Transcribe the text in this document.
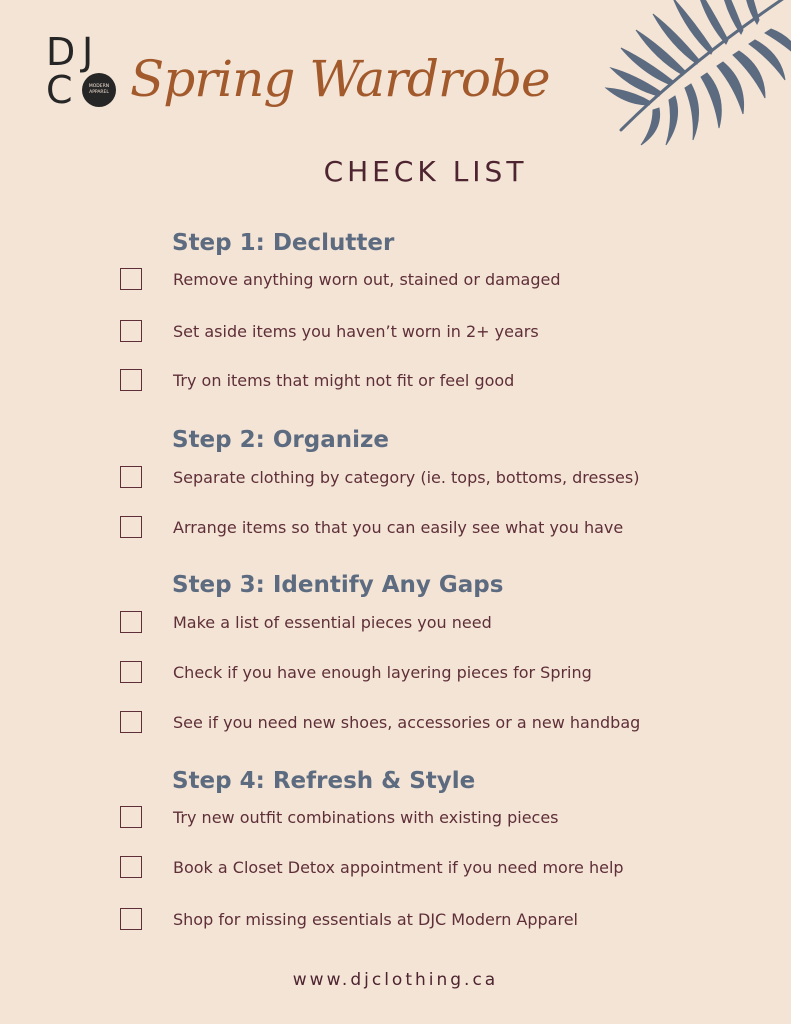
D J
C	MODERN
APPAREL Spring Wardrobe
CHECK LIST
Step 1: Declutter
Remove anything worn out, stained or damaged
Set aside items you haven’t worn in 2+ years
Try on items that might not fit or feel good
Step 2: Organize
Separate clothing by category (ie. tops, bottoms, dresses)
Arrange items so that you can easily see what you have
Step 3: Identify Any Gaps
Make a list of essential pieces you need
Check if you have enough layering pieces for Spring
See if you need new shoes, accessories or a new handbag
Step 4: Refresh & Style
Try new outfit combinations with existing pieces
Book a Closet Detox appointment if you need more help
Shop for missing essentials at DJC Modern Apparel
www.djclothing.ca
